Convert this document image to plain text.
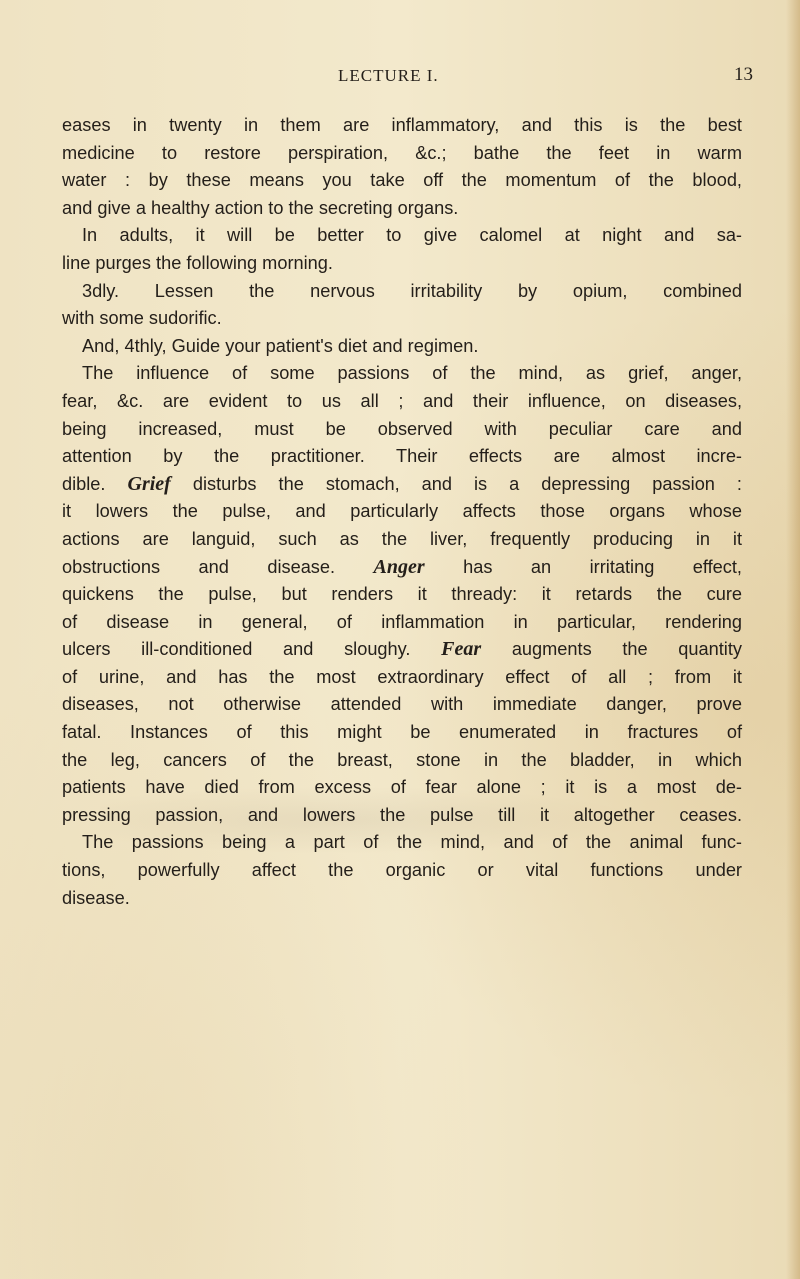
LECTURE I.	13
eases in twenty in them are inflammatory, and this is the best
medicine to restore perspiration, &c.; bathe the feet in warm
water : by these means you take off the momentum of the blood,
and give a healthy action to the secreting organs.
In adults, it will be better to give calomel at night and sa-
line purges the following morning.
3dly. Lessen the nervous irritability by opium, combined
with some sudorific.
And, 4thly, Guide your patient's diet and regimen.
The influence of some passions of the mind, as grief, anger,
fear, &c. are evident to us all ; and their influence, on diseases,
being increased, must be observed with peculiar care and
attention by the practitioner. Their effects are almost incre-
dible. Grief disturbs the stomach, and is a depressing passion :
it lowers the pulse, and particularly affects those organs whose
actions are languid, such as the liver, frequently producing in it
obstructions and disease. Anger has an irritating effect,
quickens the pulse, but renders it thready: it retards the cure
of disease in general, of inflammation in particular, rendering
ulcers ill-conditioned and sloughy. Fear augments the quantity
of urine, and has the most extraordinary effect of all ; from it
diseases, not otherwise attended with immediate danger, prove
fatal. Instances of this might be enumerated in fractures of
the leg, cancers of the breast, stone in the bladder, in which
patients have died from excess of fear alone ; it is a most de-
pressing passion, and lowers the pulse till it altogether ceases.
The passions being a part of the mind, and of the animal func-
tions, powerfully affect the organic or vital functions under
disease.
